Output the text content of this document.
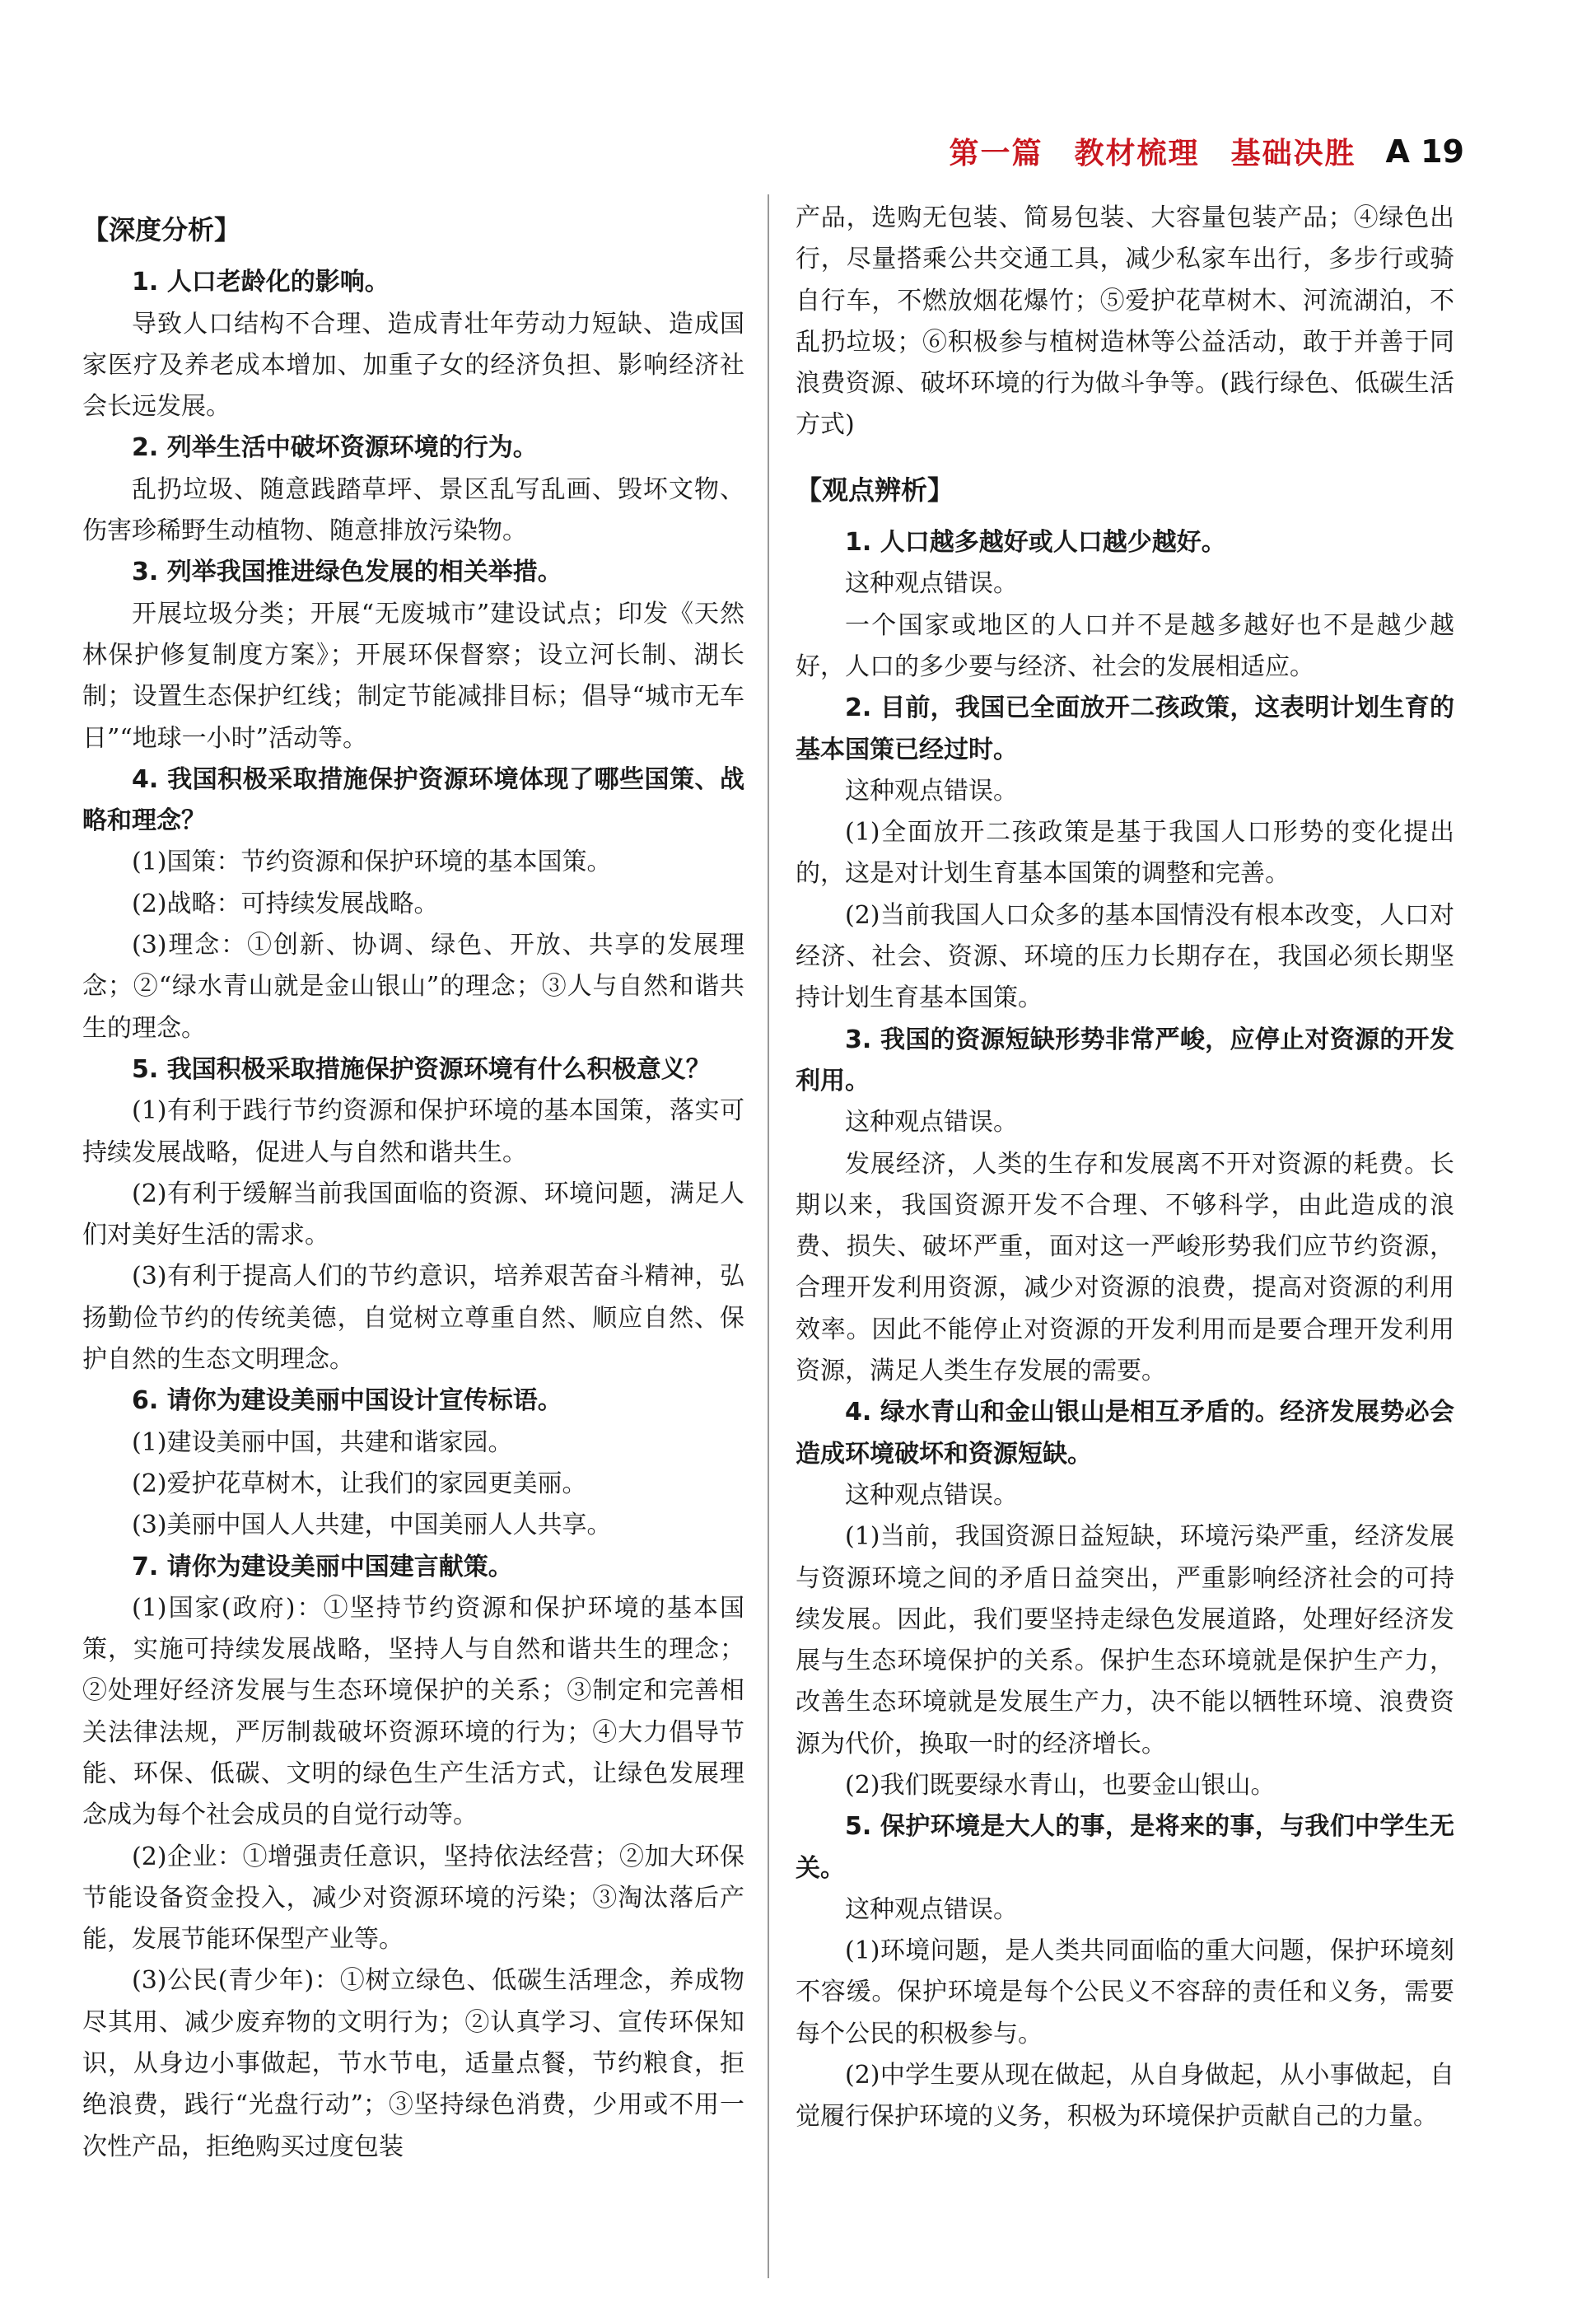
第一篇　教材梳理　基础决胜 A 19

【深度分析】

1. 人口老龄化的影响。

导致人口结构不合理、造成青壮年劳动力短缺、造成国家医疗及养老成本增加、加重子女的经济负担、影响经济社会长远发展。

2. 列举生活中破坏资源环境的行为。

乱扔垃圾、随意践踏草坪、景区乱写乱画、毁坏文物、伤害珍稀野生动植物、随意排放污染物。

3. 列举我国推进绿色发展的相关举措。

开展垃圾分类；开展“无废城市”建设试点；印发《天然林保护修复制度方案》；开展环保督察；设立河长制、湖长制；设置生态保护红线；制定节能减排目标；倡导“城市无车日”“地球一小时”活动等。

4. 我国积极采取措施保护资源环境体现了哪些国策、战略和理念？

(1)国策：节约资源和保护环境的基本国策。

(2)战略：可持续发展战略。

(3)理念：①创新、协调、绿色、开放、共享的发展理念；②“绿水青山就是金山银山”的理念；③人与自然和谐共生的理念。

5. 我国积极采取措施保护资源环境有什么积极意义？

(1)有利于践行节约资源和保护环境的基本国策，落实可持续发展战略，促进人与自然和谐共生。

(2)有利于缓解当前我国面临的资源、环境问题，满足人们对美好生活的需求。

(3)有利于提高人们的节约意识，培养艰苦奋斗精神，弘扬勤俭节约的传统美德，自觉树立尊重自然、顺应自然、保护自然的生态文明理念。

6. 请你为建设美丽中国设计宣传标语。

(1)建设美丽中国，共建和谐家园。

(2)爱护花草树木，让我们的家园更美丽。

(3)美丽中国人人共建，中国美丽人人共享。

7. 请你为建设美丽中国建言献策。

(1)国家(政府)：①坚持节约资源和保护环境的基本国策，实施可持续发展战略，坚持人与自然和谐共生的理念；②处理好经济发展与生态环境保护的关系；③制定和完善相关法律法规，严厉制裁破坏资源环境的行为；④大力倡导节能、环保、低碳、文明的绿色生产生活方式，让绿色发展理念成为每个社会成员的自觉行动等。

(2)企业：①增强责任意识，坚持依法经营；②加大环保节能设备资金投入，减少对资源环境的污染；③淘汰落后产能，发展节能环保型产业等。

(3)公民(青少年)：①树立绿色、低碳生活理念，养成物尽其用、减少废弃物的文明行为；②认真学习、宣传环保知识，从身边小事做起，节水节电，适量点餐，节约粮食，拒绝浪费，践行“光盘行动”；③坚持绿色消费，少用或不用一次性产品，拒绝购买过度包装

产品，选购无包装、简易包装、大容量包装产品；④绿色出行，尽量搭乘公共交通工具，减少私家车出行，多步行或骑自行车，不燃放烟花爆竹；⑤爱护花草树木、河流湖泊，不乱扔垃圾；⑥积极参与植树造林等公益活动，敢于并善于同浪费资源、破坏环境的行为做斗争等。(践行绿色、低碳生活方式)

【观点辨析】

1. 人口越多越好或人口越少越好。

这种观点错误。

一个国家或地区的人口并不是越多越好也不是越少越好，人口的多少要与经济、社会的发展相适应。

2. 目前，我国已全面放开二孩政策，这表明计划生育的基本国策已经过时。

这种观点错误。

(1)全面放开二孩政策是基于我国人口形势的变化提出的，这是对计划生育基本国策的调整和完善。

(2)当前我国人口众多的基本国情没有根本改变，人口对经济、社会、资源、环境的压力长期存在，我国必须长期坚持计划生育基本国策。

3. 我国的资源短缺形势非常严峻，应停止对资源的开发利用。

这种观点错误。

发展经济，人类的生存和发展离不开对资源的耗费。长期以来，我国资源开发不合理、不够科学，由此造成的浪费、损失、破坏严重，面对这一严峻形势我们应节约资源，合理开发利用资源，减少对资源的浪费，提高对资源的利用效率。因此不能停止对资源的开发利用而是要合理开发利用资源，满足人类生存发展的需要。

4. 绿水青山和金山银山是相互矛盾的。经济发展势必会造成环境破坏和资源短缺。

这种观点错误。

(1)当前，我国资源日益短缺，环境污染严重，经济发展与资源环境之间的矛盾日益突出，严重影响经济社会的可持续发展。因此，我们要坚持走绿色发展道路，处理好经济发展与生态环境保护的关系。保护生态环境就是保护生产力，改善生态环境就是发展生产力，决不能以牺牲环境、浪费资源为代价，换取一时的经济增长。

(2)我们既要绿水青山，也要金山银山。

5. 保护环境是大人的事，是将来的事，与我们中学生无关。

这种观点错误。

(1)环境问题，是人类共同面临的重大问题，保护环境刻不容缓。保护环境是每个公民义不容辞的责任和义务，需要每个公民的积极参与。

(2)中学生要从现在做起，从自身做起，从小事做起，自觉履行保护环境的义务，积极为环境保护贡献自己的力量。
